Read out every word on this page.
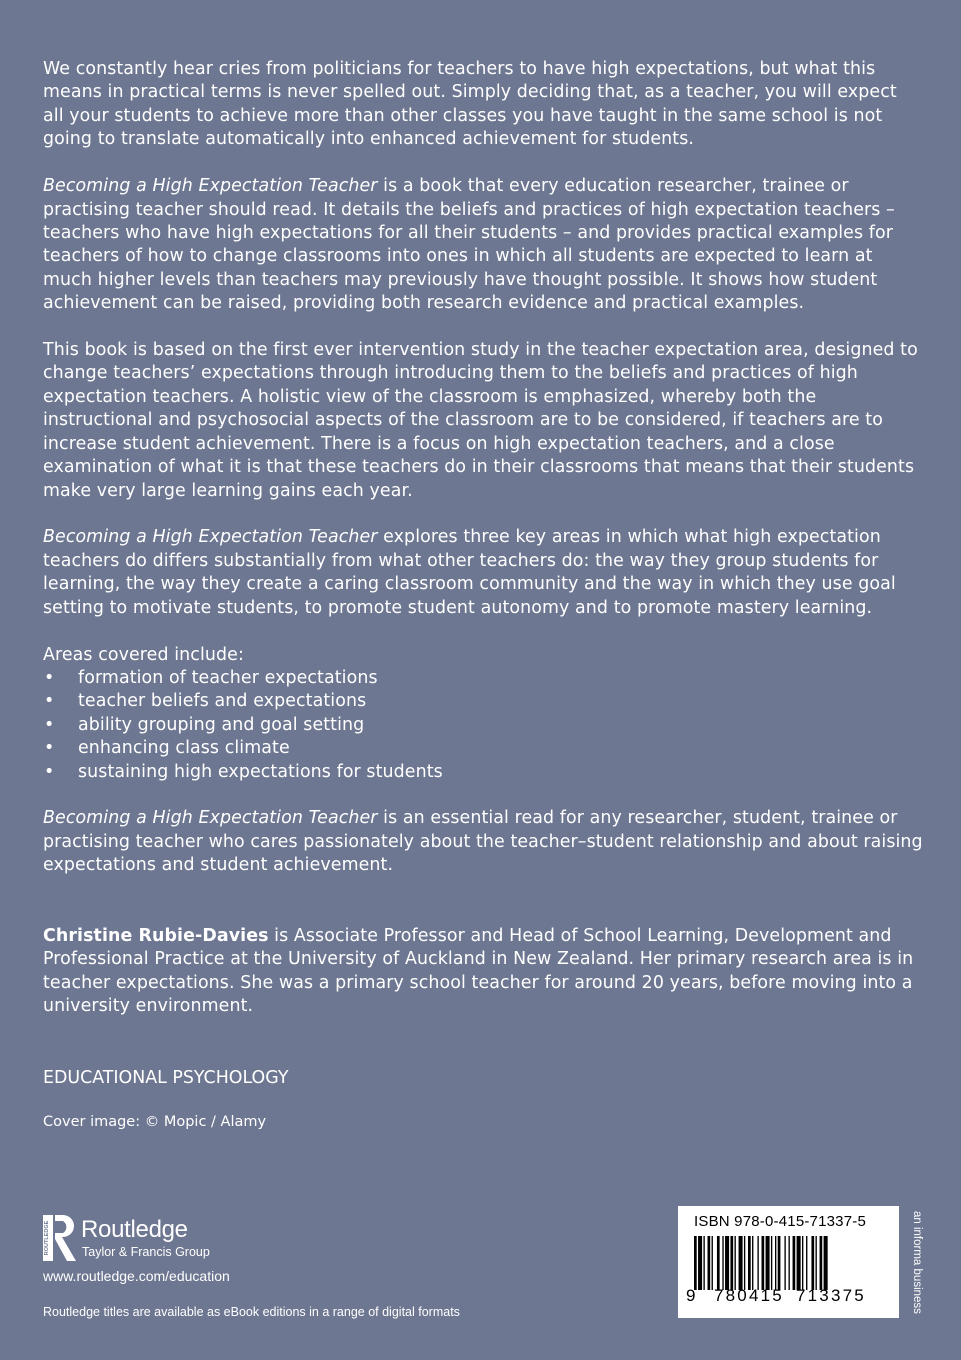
We constantly hear cries from politicians for teachers to have high expectations, but what this means in practical terms is never spelled out. Simply deciding that, as a teacher, you will expect all your students to achieve more than other classes you have taught in the same school is not going to translate automatically into enhanced achievement for students.

Becoming a High Expectation Teacher is a book that every education researcher, trainee or practising teacher should read. It details the beliefs and practices of high expectation teachers – teachers who have high expectations for all their students – and provides practical examples for teachers of how to change classrooms into ones in which all students are expected to learn at much higher levels than teachers may previously have thought possible. It shows how student achievement can be raised, providing both research evidence and practical examples.

This book is based on the first ever intervention study in the teacher expectation area, designed to change teachers’ expectations through introducing them to the beliefs and practices of high expectation teachers. A holistic view of the classroom is emphasized, whereby both the instructional and psychosocial aspects of the classroom are to be considered, if teachers are to increase student achievement. There is a focus on high expectation teachers, and a close examination of what it is that these teachers do in their classrooms that means that their students make very large learning gains each year.

Becoming a High Expectation Teacher explores three key areas in which what high expectation teachers do differs substantially from what other teachers do: the way they group students for learning, the way they create a caring classroom community and the way in which they use goal setting to motivate students, to promote student autonomy and to promote mastery learning.

Areas covered include:
• formation of teacher expectations
• teacher beliefs and expectations
• ability grouping and goal setting
• enhancing class climate
• sustaining high expectations for students

Becoming a High Expectation Teacher is an essential read for any researcher, student, trainee or practising teacher who cares passionately about the teacher–student relationship and about raising expectations and student achievement.

Christine Rubie-Davies is Associate Professor and Head of School Learning, Development and Professional Practice at the University of Auckland in New Zealand. Her primary research area is in teacher expectations. She was a primary school teacher for around 20 years, before moving into a university environment.

EDUCATIONAL PSYCHOLOGY
Cover image: © Mopic / Alamy
ROUTLEDGE Routledge
Taylor & Francis Group
www.routledge.com/education
Routledge titles are available as eBook editions in a range of digital formats
ISBN 978-0-415-71337-5
9 780415 713375	an informa business
